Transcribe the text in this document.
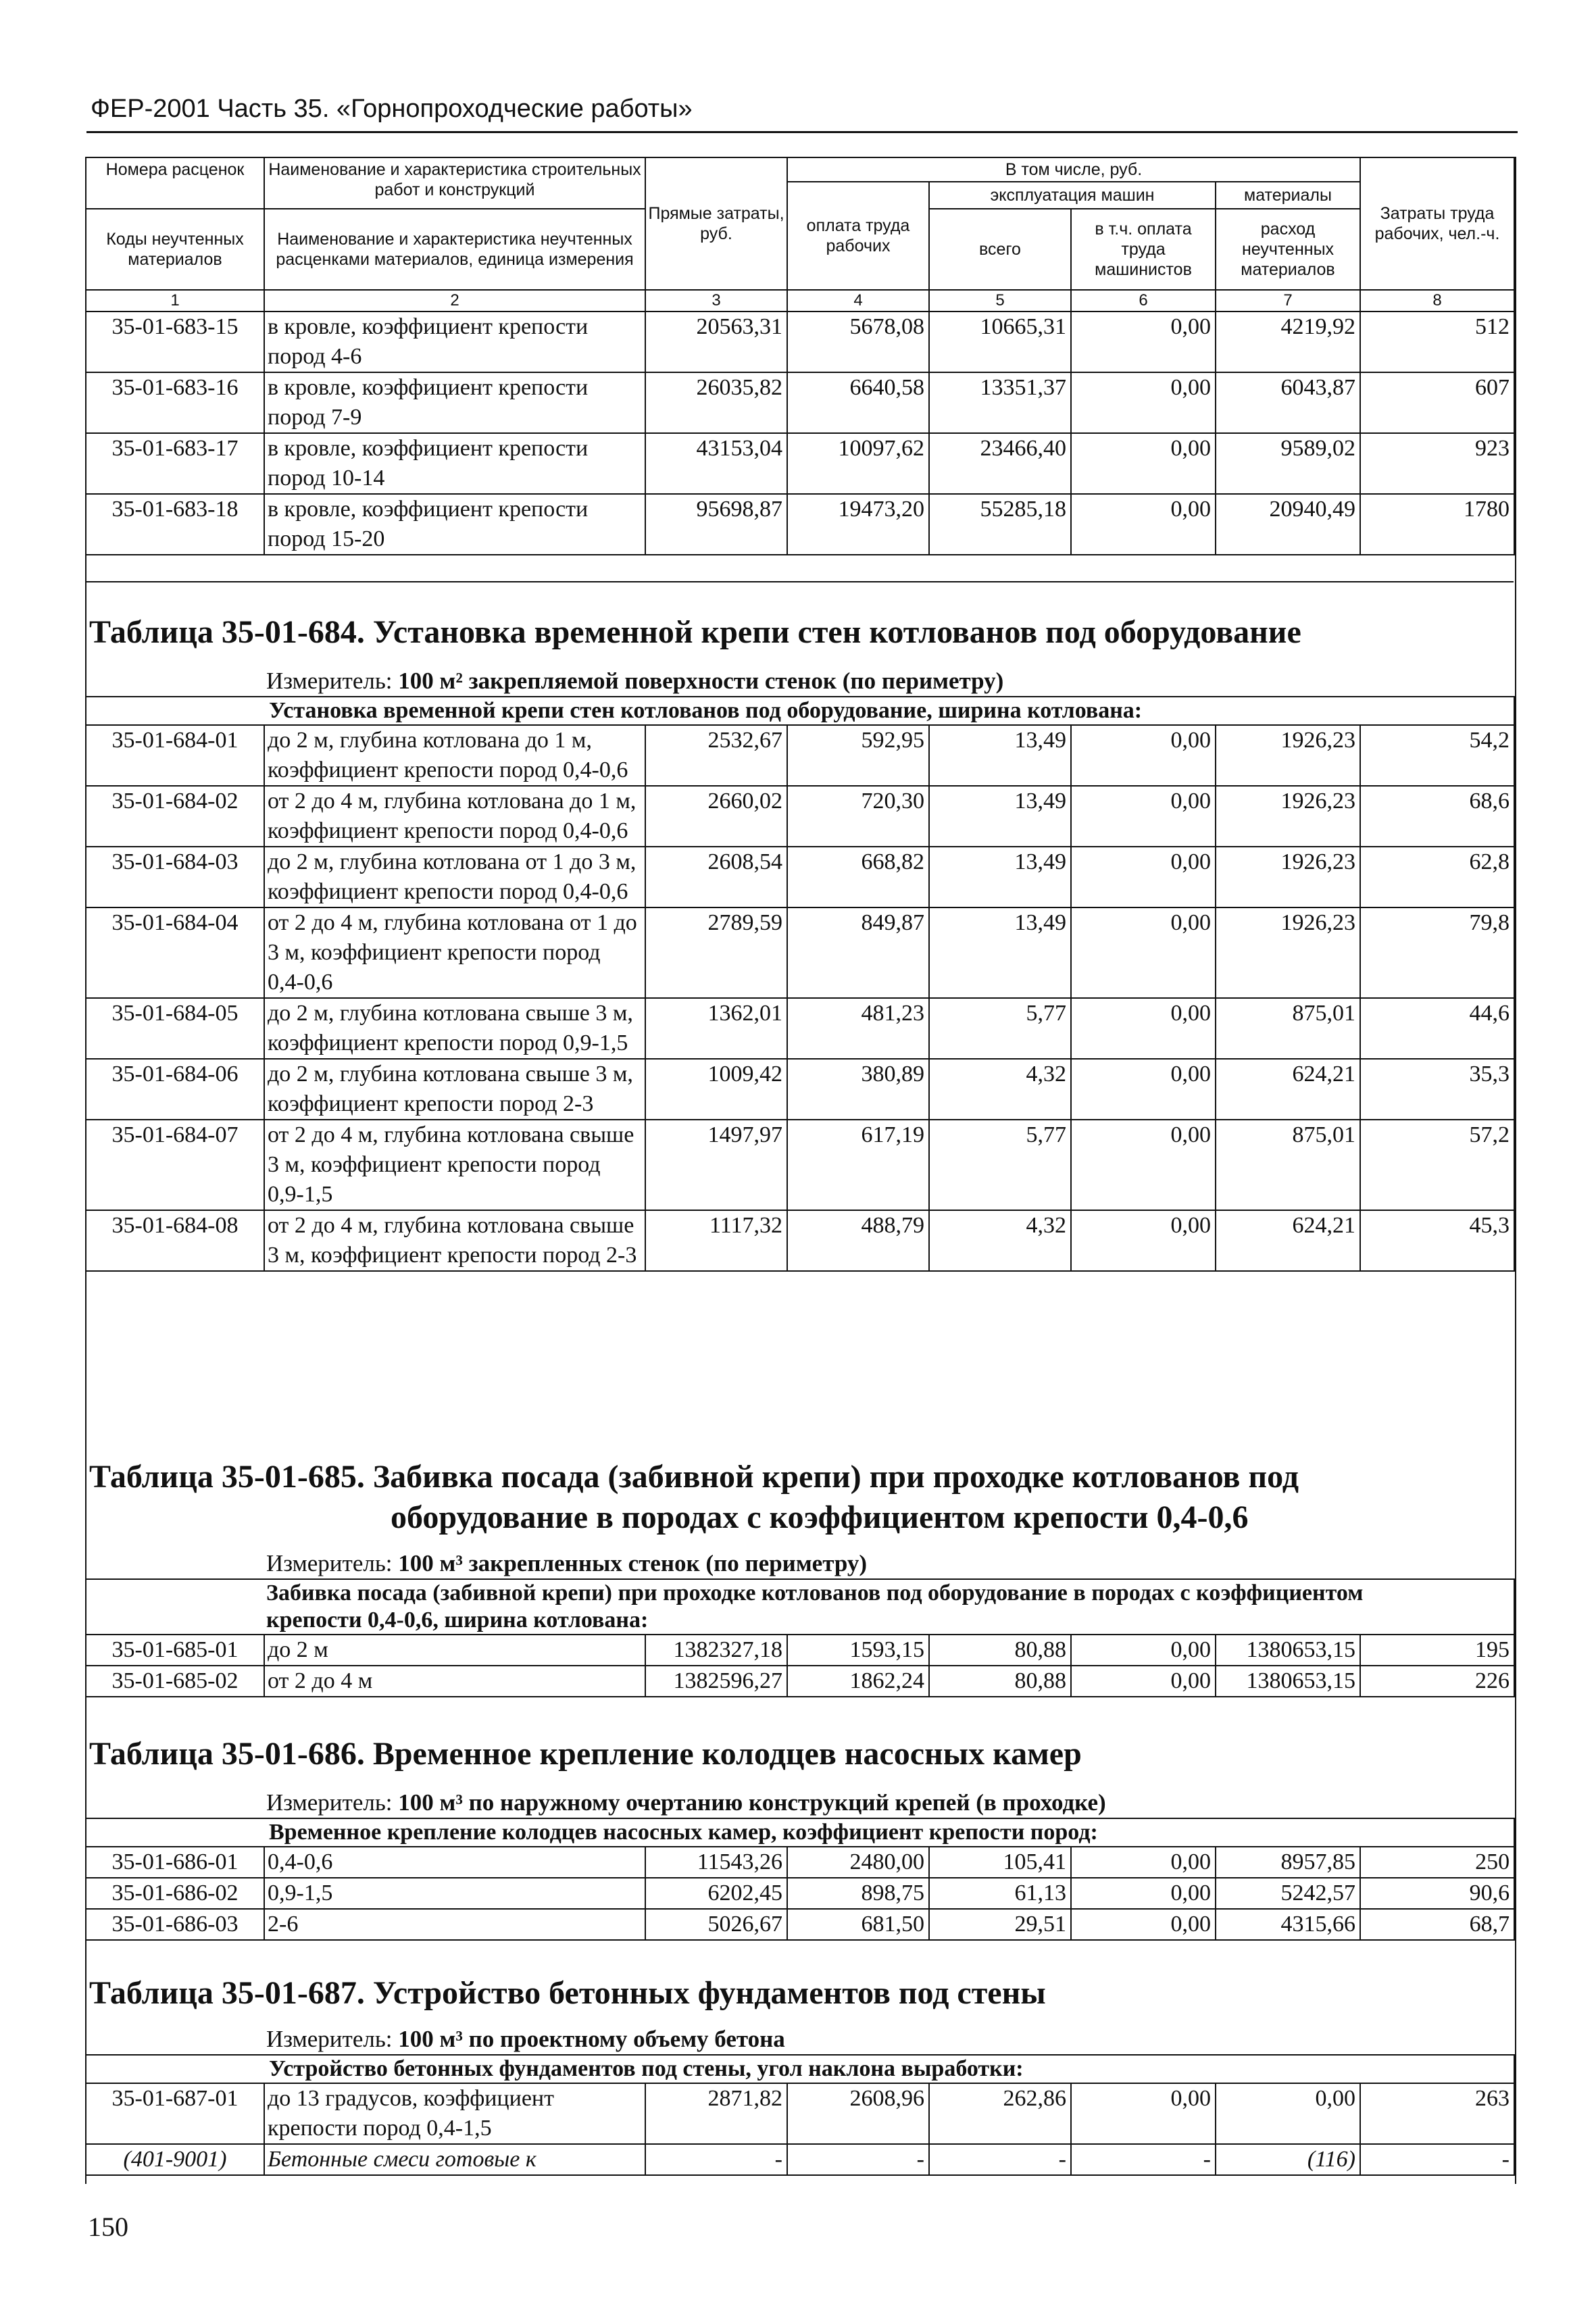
ФЕР-2001 Часть 35. «Горнопроходческие работы»
Номера расценок	Наименование и характеристика строительных работ и конструкций	Прямые затраты, руб.	В том числе, руб.				Затраты труда рабочих, чел.-ч.
			оплата труда рабочих	эксплуатация машин		материалы	
Коды неучтенных материалов	Наименование и характеристика неучтенных расценками материалов, единица измерения			всего	в т.ч. оплата труда машинистов	расход неучтенных материалов	

1	2	3	4	5	6	7	8
35-01-683-15	в кровле, коэффициент крепости пород 4-6	20563,31	5678,08	10665,31	0,00	4219,92	512
35-01-683-16	в кровле, коэффициент крепости пород 7-9	26035,82	6640,58	13351,37	0,00	6043,87	607
35-01-683-17	в кровле, коэффициент крепости пород 10-14	43153,04	10097,62	23466,40	0,00	9589,02	923
35-01-683-18	в кровле, коэффициент крепости пород 15-20	95698,87	19473,20	55285,18	0,00	20940,49	1780
Таблица 35-01-684. Установка временной крепи стен котлованов под оборудование
Измеритель: 100 м² закрепляемой поверхности стенок (по периметру)
Установка временной крепи стен котлованов под оборудование, ширина котлована:							
35-01-684-01	до 2 м, глубина котлована до 1 м, коэффициент крепости пород 0,4-0,6	2532,67	592,95	13,49	0,00	1926,23	54,2
35-01-684-02	от 2 до 4 м, глубина котлована до 1 м, коэффициент крепости пород 0,4-0,6	2660,02	720,30	13,49	0,00	1926,23	68,6
35-01-684-03	до 2 м, глубина котлована от 1 до 3 м, коэффициент крепости пород 0,4-0,6	2608,54	668,82	13,49	0,00	1926,23	62,8
35-01-684-04	от 2 до 4 м, глубина котлована от 1 до 3 м, коэффициент крепости пород 0,4-0,6	2789,59	849,87	13,49	0,00	1926,23	79,8
35-01-684-05	до 2 м, глубина котлована свыше 3 м, коэффициент крепости пород 0,9-1,5	1362,01	481,23	5,77	0,00	875,01	44,6
35-01-684-06	до 2 м, глубина котлована свыше 3 м, коэффициент крепости пород 2-3	1009,42	380,89	4,32	0,00	624,21	35,3
35-01-684-07	от 2 до 4 м, глубина котлована свыше 3 м, коэффициент крепости пород 0,9-1,5	1497,97	617,19	5,77	0,00	875,01	57,2
35-01-684-08	от 2 до 4 м, глубина котлована свыше 3 м, коэффициент крепости пород 2-3	1117,32	488,79	4,32	0,00	624,21	45,3
Таблица 35-01-685. Забивка посада (забивной крепи) при проходке котлованов под
оборудование в породах с коэффициентом крепости 0,4-0,6
Измеритель: 100 м³ закрепленных стенок (по периметру)
Забивка посада (забивной крепи) при проходке котлованов под оборудование в породах с коэффициентом
крепости 0,4-0,6, ширина котлована:							

35-01-685-01	до 2 м	1382327,18	1593,15	80,88	0,00	1380653,15	195
35-01-685-02	от 2 до 4 м	1382596,27	1862,24	80,88	0,00	1380653,15	226
Таблица 35-01-686. Временное крепление колодцев насосных камер
Измеритель: 100 м³ по наружному очертанию конструкций крепей (в проходке)
Временное крепление колодцев насосных камер, коэффициент крепости пород:							
35-01-686-01	0,4-0,6	11543,26	2480,00	105,41	0,00	8957,85	250
35-01-686-02	0,9-1,5	6202,45	898,75	61,13	0,00	5242,57	90,6
35-01-686-03	2-6	5026,67	681,50	29,51	0,00	4315,66	68,7
Таблица 35-01-687. Устройство бетонных фундаментов под стены
Измеритель: 100 м³ по проектному объему бетона
Устройство бетонных фундаментов под стены, угол наклона выработки:							
35-01-687-01	до 13 градусов, коэффициент крепости пород 0,4-1,5	2871,82	2608,96	262,86	0,00	0,00	263
(401-9001)	Бетонные смеси готовые к	-	-	-	-	(116)	-
150
